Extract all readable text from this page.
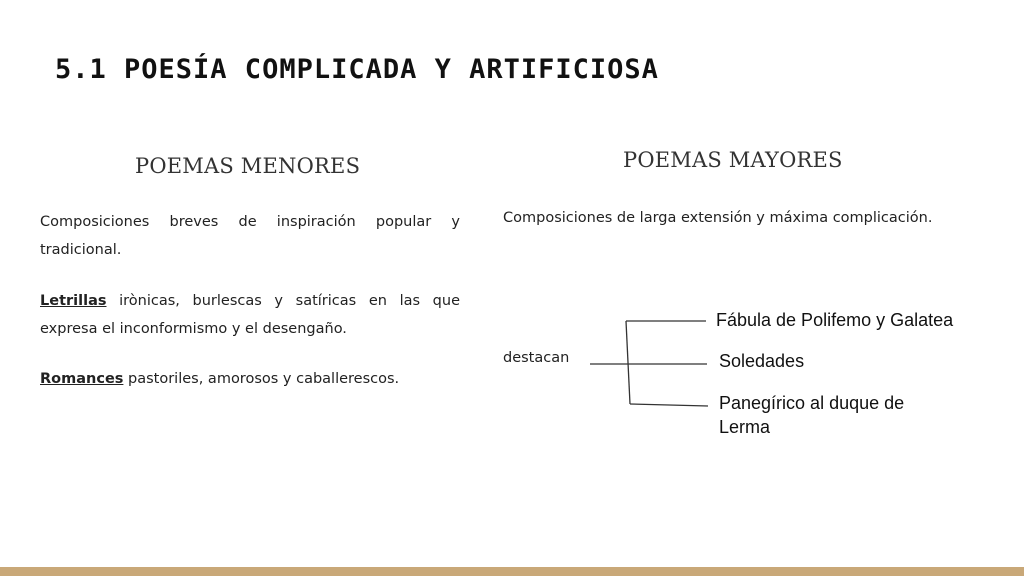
5.1 POESÍA COMPLICADA Y ARTIFICIOSA
POEMAS MENORES	POEMAS MAYORES
Composiciones breves de inspiración popular y tradicional.
Letrillas irònicas, burlescas y satíricas en las que expresa el inconformismo y el desengaño.
Romances pastoriles, amorosos y caballerescos.
Composiciones de larga extensión y máxima complicación.
destacan
Fábula de Polifemo y Galatea
Soledades
Panegírico al duque de Lerma
